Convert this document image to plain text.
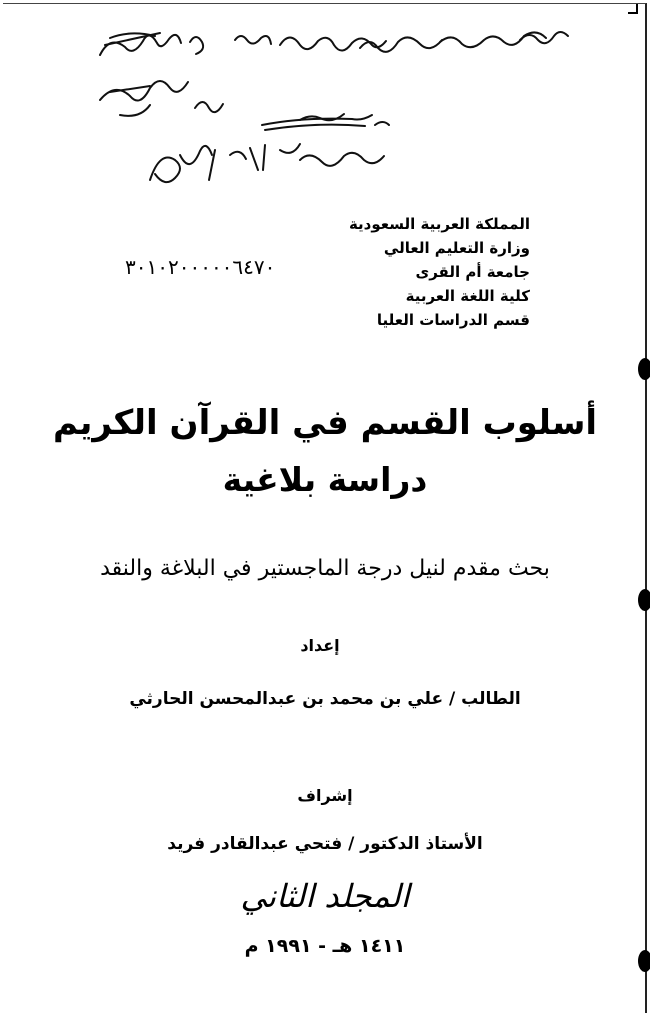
المملكة العربية السعودية
وزارة التعليم العالي
جامعة أم القرى
كلية اللغة العربية
قسم الدراسات العليا
٣٠١٠٢٠٠٠٠٠٦٤٧٠
أسلوب القسم في القرآن الكريم
دراسة بلاغية
بحث مقدم لنيل درجة الماجستير في البلاغة والنقد
إعداد
الطالب / علي بن محمد بن عبدالمحسن الحارثي
إشراف
الأستاذ الدكتور / فتحي عبدالقادر فريد
المجلد الثاني
١٤١١ هـ - ١٩٩١ م
